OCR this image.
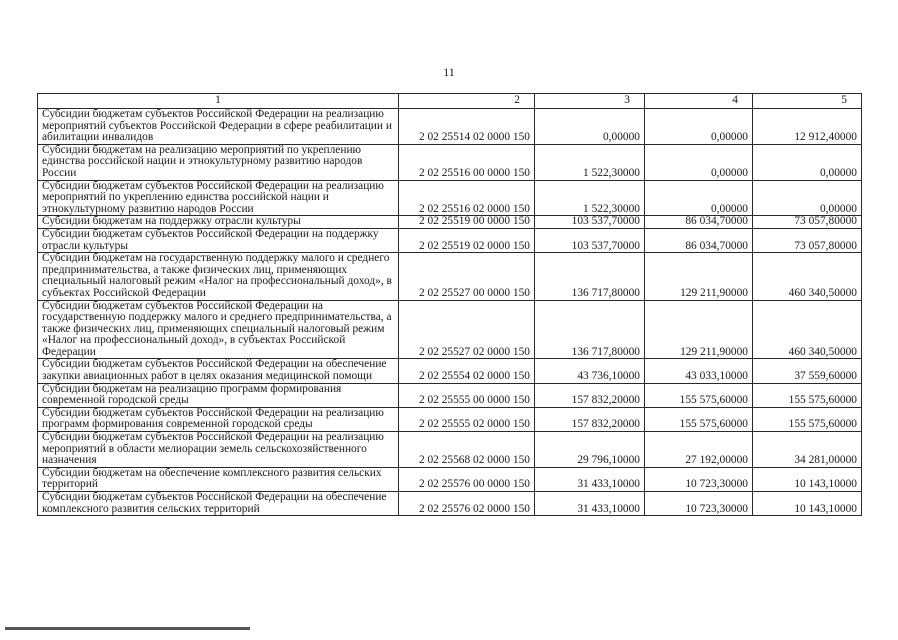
11
1	2	3	4	5
Субсидии бюджетам субъектов Российской Федерации на реализацию мероприятий субъектов Российской Федерации в сфере реабилитации и абилитации инвалидов	2 02 25514 02 0000 150	0,00000	0,00000	12 912,40000
Субсидии бюджетам на реализацию мероприятий по укреплению единства российской нации и этнокультурному развитию народов России	2 02 25516 00 0000 150	1 522,30000	0,00000	0,00000
Субсидии бюджетам субъектов Российской Федерации на реализацию мероприятий по укреплению единства российской нации и этнокультурному развитию народов России	2 02 25516 02 0000 150	1 522,30000	0,00000	0,00000
Субсидии бюджетам на поддержку отрасли культуры	2 02 25519 00 0000 150	103 537,70000	86 034,70000	73 057,80000
Субсидии бюджетам субъектов Российской Федерации на поддержку отрасли культуры	2 02 25519 02 0000 150	103 537,70000	86 034,70000	73 057,80000
Субсидии бюджетам на государственную поддержку малого и среднего предпринимательства, а также физических лиц, применяющих специальный налоговый режим «Налог на профессиональный доход», в субъектах Российской Федерации	2 02 25527 00 0000 150	136 717,80000	129 211,90000	460 340,50000
Субсидии бюджетам субъектов Российской Федерации на государственную поддержку малого и среднего предпринимательства, а также физических лиц, применяющих специальный налоговый режим «Налог на профессиональный доход», в субъектах Российской Федерации	2 02 25527 02 0000 150	136 717,80000	129 211,90000	460 340,50000
Субсидии бюджетам субъектов Российской Федерации на обеспечение закупки авиационных работ в целях оказания медицинской помощи	2 02 25554 02 0000 150	43 736,10000	43 033,10000	37 559,60000
Субсидии бюджетам на реализацию программ формирования современной городской среды	2 02 25555 00 0000 150	157 832,20000	155 575,60000	155 575,60000
Субсидии бюджетам субъектов Российской Федерации на реализацию программ формирования современной городской среды	2 02 25555 02 0000 150	157 832,20000	155 575,60000	155 575,60000
Субсидии бюджетам субъектов Российской Федерации на реализацию мероприятий в области мелиорации земель сельскохозяйственного назначения	2 02 25568 02 0000 150	29 796,10000	27 192,00000	34 281,00000
Субсидии бюджетам на обеспечение комплексного развития сельских территорий	2 02 25576 00 0000 150	31 433,10000	10 723,30000	10 143,10000
Субсидии бюджетам субъектов Российской Федерации на обеспечение комплексного развития сельских территорий	2 02 25576 02 0000 150	31 433,10000	10 723,30000	10 143,10000
